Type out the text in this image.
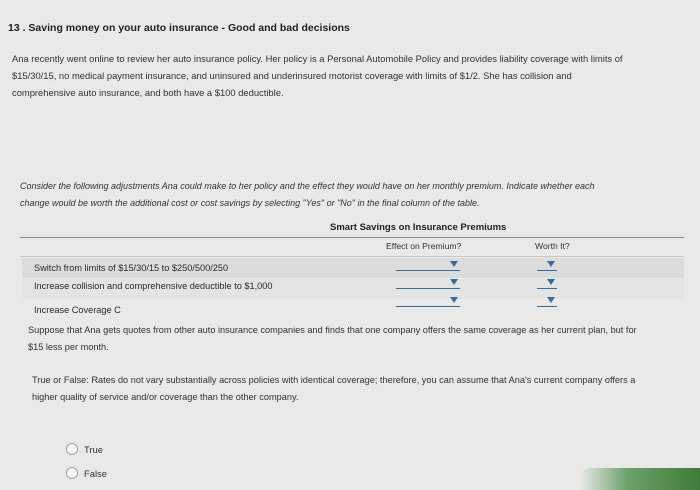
13 . Saving money on your auto insurance - Good and bad decisions
Ana recently went online to review her auto insurance policy. Her policy is a Personal Automobile Policy and provides liability coverage with limits of
$15/30/15, no medical payment insurance, and uninsured and underinsured motorist coverage with limits of $1/2. She has collision and
comprehensive auto insurance, and both have a $100 deductible.
Consider the following adjustments Ana could make to her policy and the effect they would have on her monthly premium. Indicate whether each
change would be worth the additional cost or cost savings by selecting "Yes" or "No" in the final column of the table.
Smart Savings on Insurance Premiums
Effect on Premium?	Worth It?
Switch from limits of $15/30/15 to $250/500/250
Increase collision and comprehensive deductible to $1,000
Increase Coverage C
Suppose that Ana gets quotes from other auto insurance companies and finds that one company offers the same coverage as her current plan, but for
$15 less per month.
True or False: Rates do not vary substantially across policies with identical coverage; therefore, you can assume that Ana's current company offers a
higher quality of service and/or coverage than the other company.
True
False
